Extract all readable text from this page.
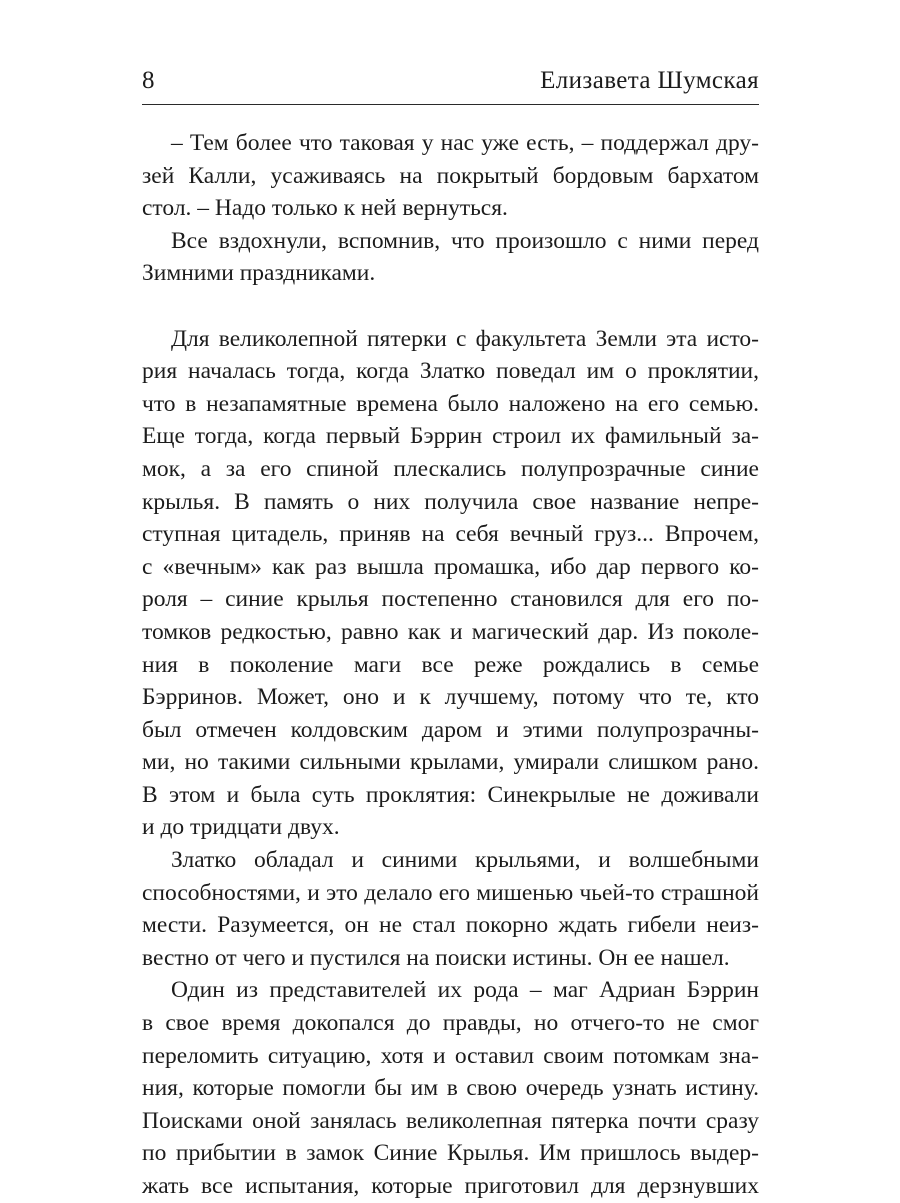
8	Елизавета Шумская
– Тем более что таковая у нас уже есть, – поддержал дру-
зей Калли, усаживаясь на покрытый бордовым бархатом
стол. – Надо только к ней вернуться.
Все вздохнули, вспомнив, что произошло с ними перед
Зимними праздниками.
Для великолепной пятерки с факультета Земли эта исто-
рия началась тогда, когда Златко поведал им о проклятии,
что в незапамятные времена было наложено на его семью.
Еще тогда, когда первый Бэррин строил их фамильный за-
мок, а за его спиной плескались полупрозрачные синие
крылья. В память о них получила свое название непре-
ступная цитадель, приняв на себя вечный груз... Впрочем,
с «вечным» как раз вышла промашка, ибо дар первого ко-
роля – синие крылья постепенно становился для его по-
томков редкостью, равно как и магический дар. Из поколе-
ния в поколение маги все реже рождались в семье
Бэрринов. Может, оно и к лучшему, потому что те, кто
был отмечен колдовским даром и этими полупрозрачны-
ми, но такими сильными крылами, умирали слишком рано.
В этом и была суть проклятия: Синекрылые не доживали
и до тридцати двух.
Златко обладал и синими крыльями, и волшебными
способностями, и это делало его мишенью чьей-то страшной
мести. Разумеется, он не стал покорно ждать гибели неиз-
вестно от чего и пустился на поиски истины. Он ее нашел.
Один из представителей их рода – маг Адриан Бэррин
в свое время докопался до правды, но отчего-то не смог
переломить ситуацию, хотя и оставил своим потомкам зна-
ния, которые помогли бы им в свою очередь узнать истину.
Поисками оной занялась великолепная пятерка почти сразу
по прибытии в замок Синие Крылья. Им пришлось выдер-
жать все испытания, которые приготовил для дерзнувших
